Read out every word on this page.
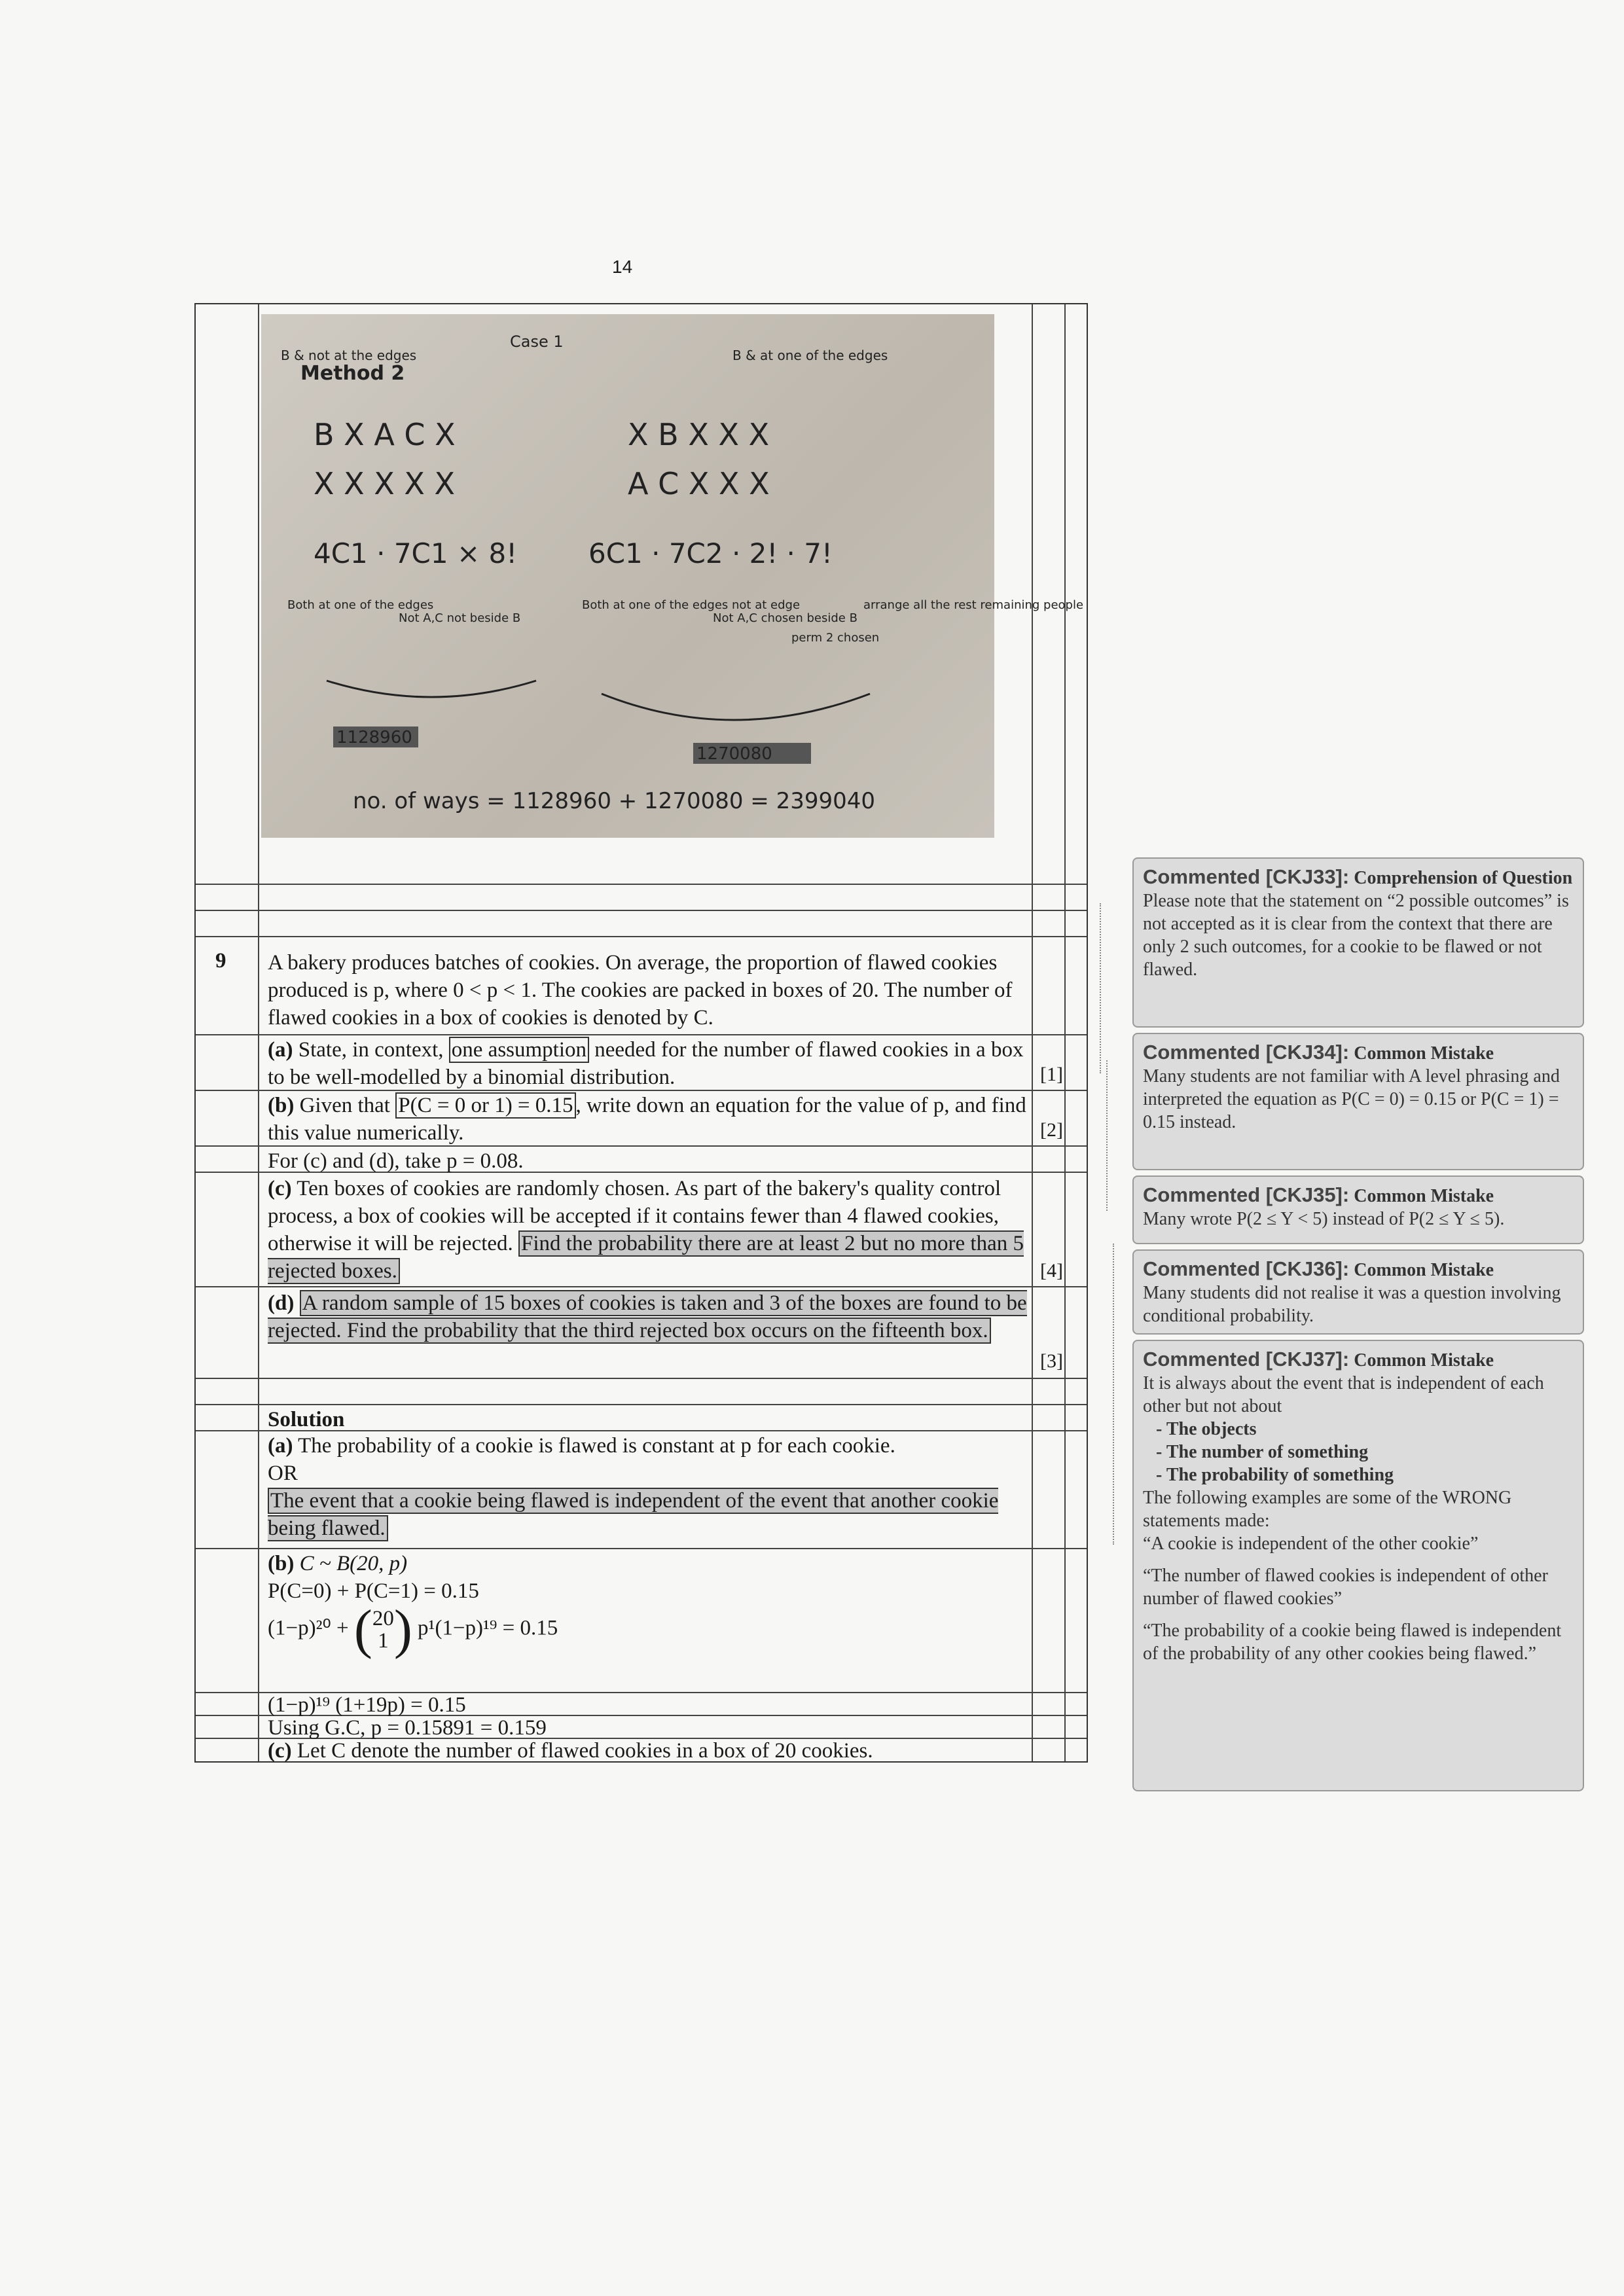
14
B & not at the edges
Method 2
Case 1
B & at one of the edges
B X A C X	X B X X X
X X X X X	A C X X X
4C1 · 7C1 × 8!	6C1 · 7C2 · 2! · 7!
Both at one of the edges
Not A,C not beside B
Both at one of the edges not at edge
Not A,C chosen beside B
perm 2 chosen
arrange all the rest remaining people
1128960
1270080
no. of ways = 1128960 + 1270080 = 2399040
9 A bakery produces batches of cookies. On average, the proportion of flawed cookies produced is p, where 0 < p < 1. The cookies are packed in boxes of 20. The number of flawed cookies in a box of cookies is denoted by C.
(a) State, in context, one assumption needed for the number of flawed cookies in a box to be well-modelled by a binomial distribution.	[1]
(b) Given that P(C = 0 or 1) = 0.15 , write down an equation for the value of p, and find this value numerically.	[2]
For (c) and (d), take p = 0.08.
(c) Ten boxes of cookies are randomly chosen. As part of the bakery's quality control process, a box of cookies will be accepted if it contains fewer than 4 flawed cookies, otherwise it will be rejected. Find the probability there are at least 2 but no more than 5 rejected boxes.	[4]
(d) A random sample of 15 boxes of cookies is taken and 3 of the boxes are found to be rejected. Find the probability that the third rejected box occurs on the fifteenth box.
[3]
Solution
(a) The probability of a cookie is flawed is constant at p for each cookie.
OR
The event that a cookie being flawed is independent of the event that another cookie being flawed.
(b) C ~ B(20, p)
P(C=0) + P(C=1) = 0.15
(1−p)²⁰ + ( 20
1 ) p¹(1−p)¹⁹ = 0.15
(1−p)¹⁹ (1+19p) = 0.15
Using G.C, p = 0.15891 = 0.159
(c) Let C denote the number of flawed cookies in a box of 20 cookies.
Commented [CKJ33]: Comprehension of Question
Please note that the statement on “2 possible outcomes” is not accepted as it is clear from the context that there are only 2 such outcomes, for a cookie to be flawed or not flawed.
Commented [CKJ34]: Common Mistake
Many students are not familiar with A level phrasing and interpreted the equation as P(C = 0) = 0.15 or P(C = 1) = 0.15 instead.
Commented [CKJ35]: Common Mistake
Many wrote P(2 ≤ Y < 5) instead of P(2 ≤ Y ≤ 5).
Commented [CKJ36]: Common Mistake
Many students did not realise it was a question involving conditional probability.
Commented [CKJ37]: Common Mistake
It is always about the event that is independent of each other but not about
- The objects
- The number of something
- The probability of something
The following examples are some of the WRONG statements made:
“A cookie is independent of the other cookie”
“The number of flawed cookies is independent of other number of flawed cookies”
“The probability of a cookie being flawed is independent of the probability of any other cookies being flawed.”
